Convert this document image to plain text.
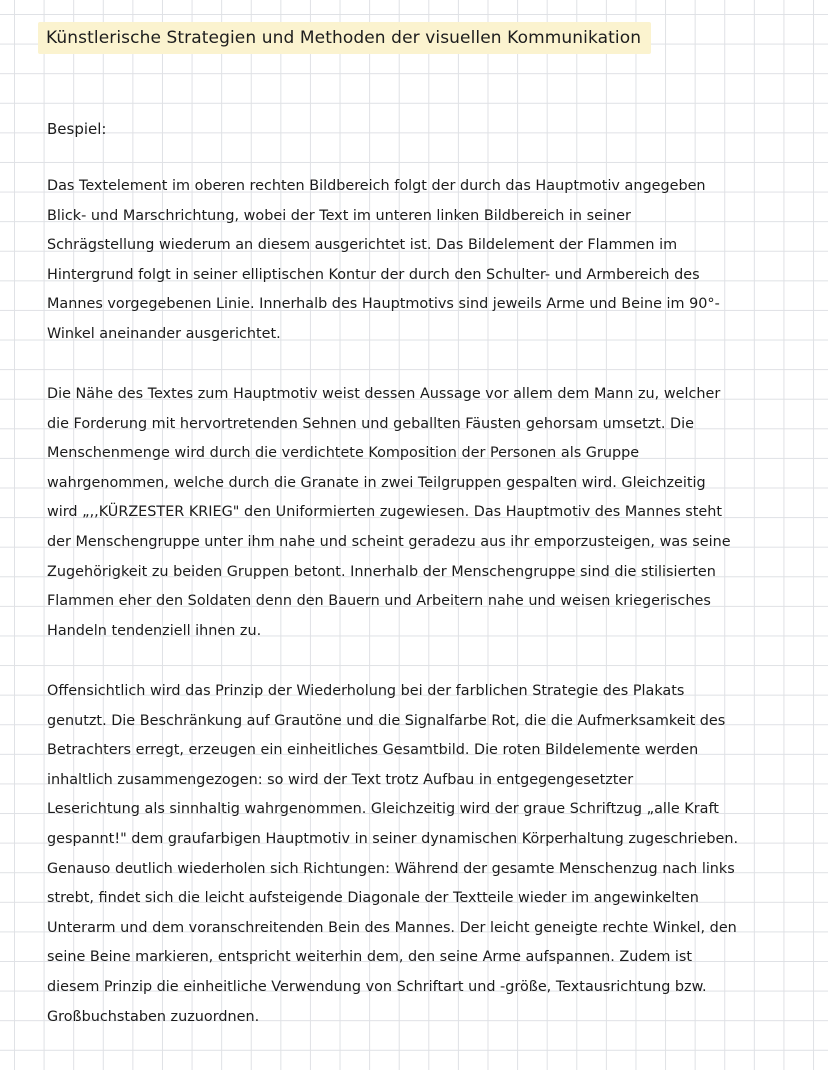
Künstlerische Strategien und Methoden der visuellen Kommunikation
Bespiel:

Das Textelement im oberen rechten Bildbereich folgt der durch das Hauptmotiv angegeben
Blick- und Marschrichtung, wobei der Text im unteren linken Bildbereich in seiner
Schrägstellung wiederum an diesem ausgerichtet ist. Das Bildelement der Flammen im
Hintergrund folgt in seiner elliptischen Kontur der durch den Schulter- und Armbereich des
Mannes vorgegebenen Linie. Innerhalb des Hauptmotivs sind jeweils Arme und Beine im 90°-
Winkel aneinander ausgerichtet.

Die Nähe des Textes zum Hauptmotiv weist dessen Aussage vor allem dem Mann zu, welcher
die Forderung mit hervortretenden Sehnen und geballten Fäusten gehorsam umsetzt. Die
Menschenmenge wird durch die verdichtete Komposition der Personen als Gruppe
wahrgenommen, welche durch die Granate in zwei Teilgruppen gespalten wird. Gleichzeitig
wird „,,KÜRZESTER KRIEG" den Uniformierten zugewiesen. Das Hauptmotiv des Mannes steht
der Menschengruppe unter ihm nahe und scheint geradezu aus ihr emporzusteigen, was seine
Zugehörigkeit zu beiden Gruppen betont. Innerhalb der Menschengruppe sind die stilisierten
Flammen eher den Soldaten denn den Bauern und Arbeitern nahe und weisen kriegerisches
Handeln tendenziell ihnen zu.

Offensichtlich wird das Prinzip der Wiederholung bei der farblichen Strategie des Plakats
genutzt. Die Beschränkung auf Grautöne und die Signalfarbe Rot, die die Aufmerksamkeit des
Betrachters erregt, erzeugen ein einheitliches Gesamtbild. Die roten Bildelemente werden
inhaltlich zusammengezogen: so wird der Text trotz Aufbau in entgegengesetzter
Leserichtung als sinnhaltig wahrgenommen. Gleichzeitig wird der graue Schriftzug „alle Kraft
gespannt!" dem graufarbigen Hauptmotiv in seiner dynamischen Körperhaltung zugeschrieben.
Genauso deutlich wiederholen sich Richtungen: Während der gesamte Menschenzug nach links
strebt, findet sich die leicht aufsteigende Diagonale der Textteile wieder im angewinkelten
Unterarm und dem voranschreitenden Bein des Mannes. Der leicht geneigte rechte Winkel, den
seine Beine markieren, entspricht weiterhin dem, den seine Arme aufspannen. Zudem ist
diesem Prinzip die einheitliche Verwendung von Schriftart und -größe, Textausrichtung bzw.
Großbuchstaben zuzuordnen.
